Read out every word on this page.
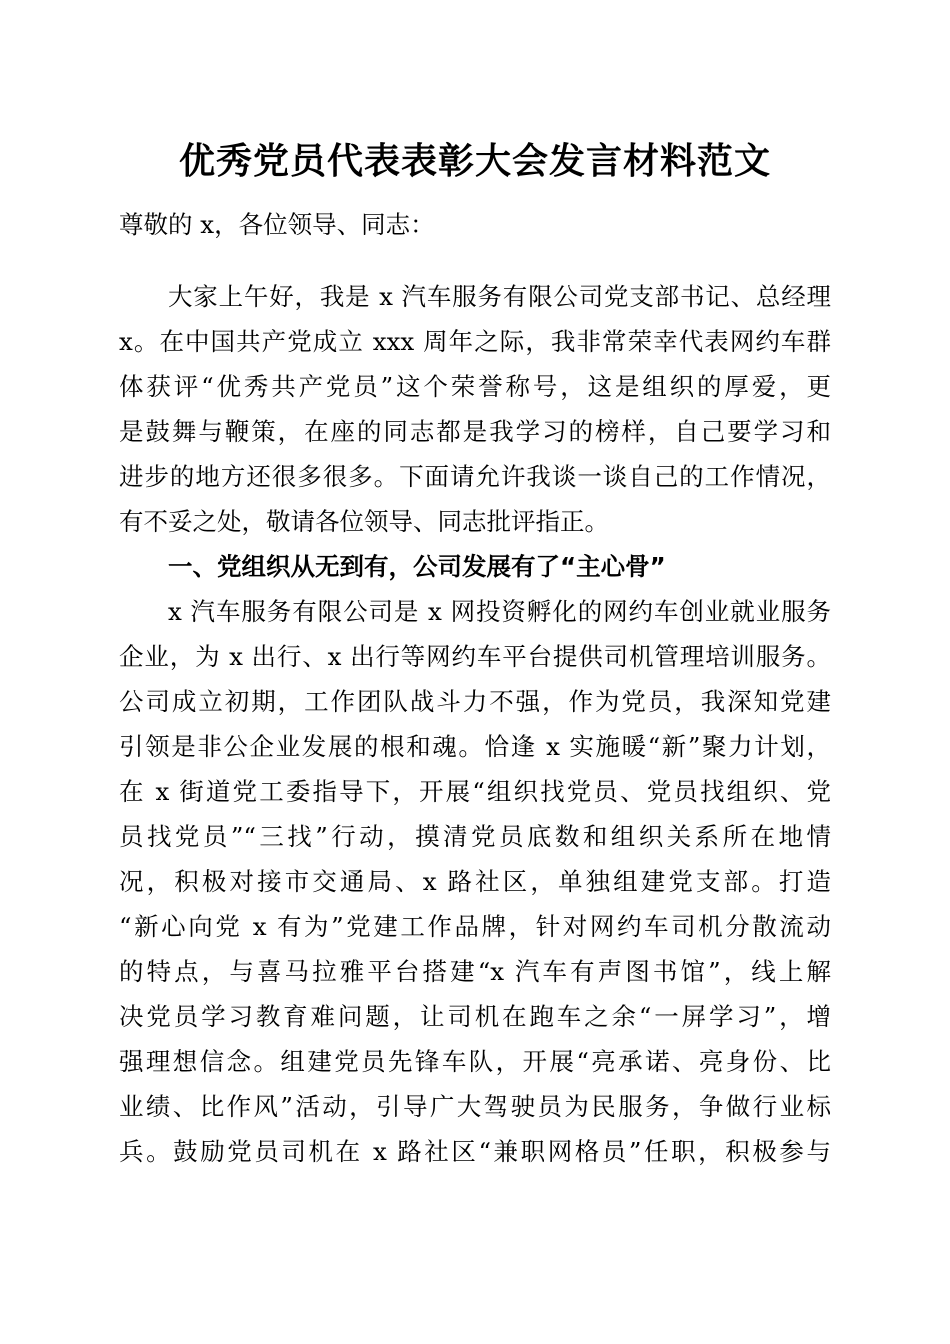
优秀党员代表表彰大会发言材料范文
尊敬的 x，各位领导、同志：
大家上午好，我是 x 汽车服务有限公司党支部书记、总经理
x。在中国共产党成立 xxx 周年之际，我非常荣幸代表网约车群
体获评“优秀共产党员”这个荣誉称号，这是组织的厚爱，更
是鼓舞与鞭策，在座的同志都是我学习的榜样，自己要学习和
进步的地方还很多很多。下面请允许我谈一谈自己的工作情况，
有不妥之处，敬请各位领导、同志批评指正。
一、党组织从无到有，公司发展有了“主心骨”
x 汽车服务有限公司是 x 网投资孵化的网约车创业就业服务
企业，为 x 出行、x 出行等网约车平台提供司机管理培训服务。
公司成立初期，工作团队战斗力不强，作为党员，我深知党建
引领是非公企业发展的根和魂。恰逢 x 实施暖“新”聚力计划，
在 x 街道党工委指导下，开展“组织找党员、党员找组织、党
员找党员”“三找”行动，摸清党员底数和组织关系所在地情
况，积极对接市交通局、x 路社区，单独组建党支部。打造
“新心向党 x 有为”党建工作品牌，针对网约车司机分散流动
的特点，与喜马拉雅平台搭建“x 汽车有声图书馆”，线上解
决党员学习教育难问题，让司机在跑车之余“一屏学习”，增
强理想信念。组建党员先锋车队，开展“亮承诺、亮身份、比
业绩、比作风”活动，引导广大驾驶员为民服务，争做行业标
兵。鼓励党员司机在 x 路社区“兼职网格员”任职，积极参与
